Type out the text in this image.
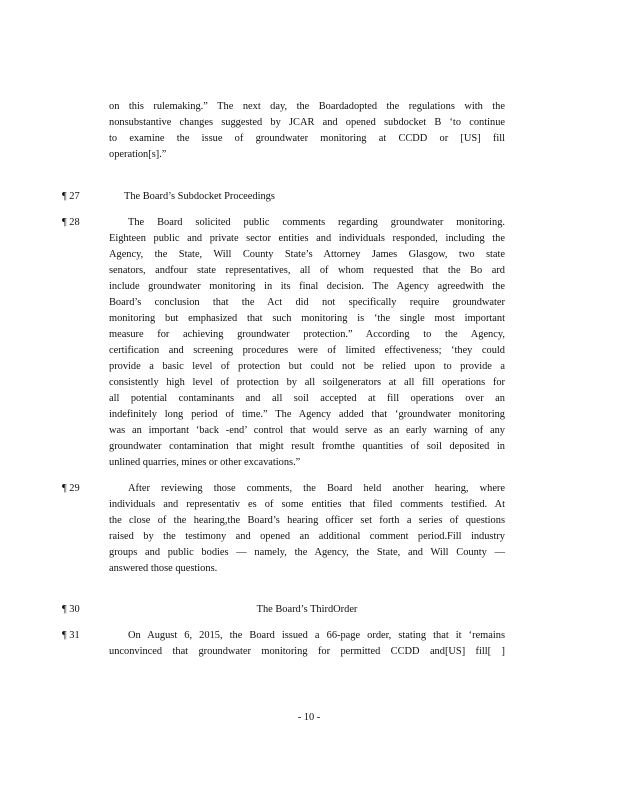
on this rulemaking.” The next day, the Boardadopted the regulations with the
nonsubstantive changes suggested by JCAR and opened subdocket B ‘to continue
to examine the issue of groundwater monitoring at CCDD or [US] fill
operation[s].”
¶ 27	The Board’s Subdocket Proceedings
¶ 28	The Board solicited public comments regarding groundwater monitoring.
Eighteen public and private sector entities and individuals responded, including the
Agency, the State, Will County State’s Attorney James Glasgow, two state
senators, andfour state representatives, all of whom requested that the Bo ard
include groundwater monitoring in its final decision. The Agency agreedwith the
Board’s conclusion that the Act did not specifically require groundwater
monitoring but emphasized that such monitoring is ‘the single most important
measure for achieving groundwater protection.” According to the Agency,
certification and screening procedures were of limited effectiveness; ‘they could
provide a basic level of protection but could not be relied upon to provide a
consistently high level of protection by all soilgenerators at all fill operations for
all potential contaminants and all soil accepted at fill operations over an
indefinitely long period of time.” The Agency added that ‘groundwater monitoring
was an important ‘back -end’ control that would serve as an early warning of any
groundwater contamination that might result fromthe quantities of soil deposited in
unlined quarries, mines or other excavations.”
¶ 29	After reviewing those comments, the Board held another hearing, where
individuals and representativ es of some entities that filed comments testified. At
the close of the hearing,the Board’s hearing officer set forth a series of questions
raised by the testimony and opened an additional comment period.Fill industry
groups and public bodies — namely, the Agency, the State, and Will County —
answered those questions.
¶ 30	The Board’s ThirdOrder
¶ 31	On August 6, 2015, the Board issued a 66-page order, stating that it ‘remains
unconvinced that groundwater monitoring for permitted CCDD and[US] fill[ ]
- 10 -
